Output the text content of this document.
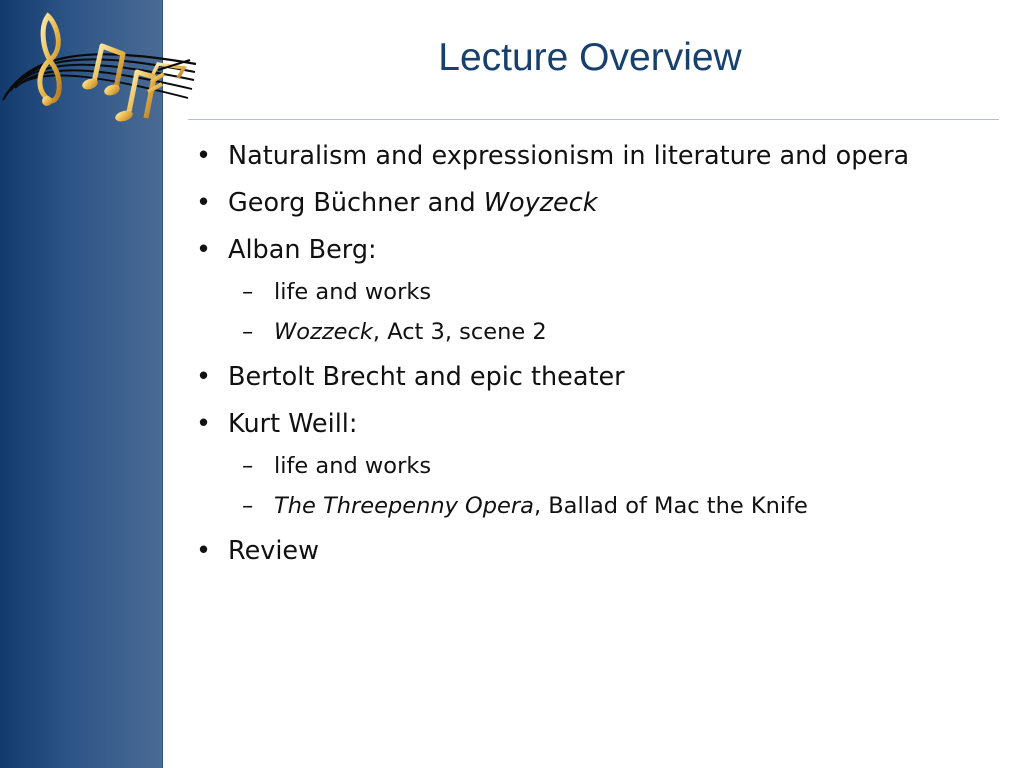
Lecture Overview
• Naturalism and expressionism in literature and opera
• Georg Büchner and Woyzeck
• Alban Berg:
– life and works
– Wozzeck, Act 3, scene 2
• Bertolt Brecht and epic theater
• Kurt Weill:
– life and works
– The Threepenny Opera, Ballad of Mac the Knife
• Review
